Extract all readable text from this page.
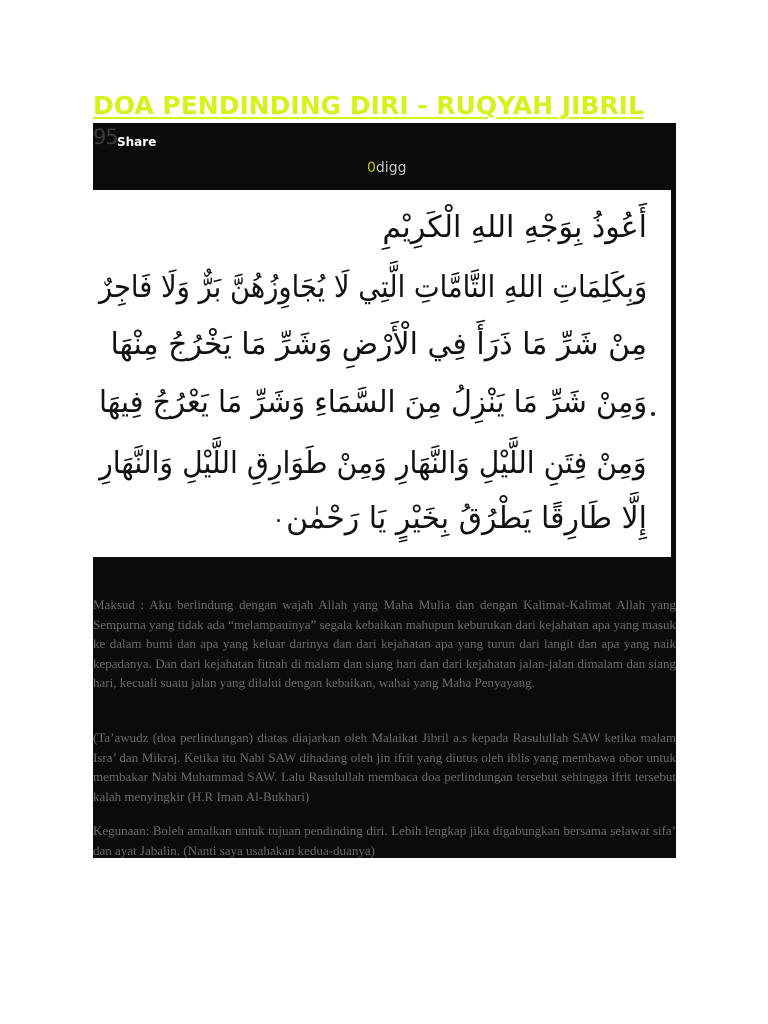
DOA PENDINDING DIRI - RUQYAH JIBRIL
95 Share
0digg
أَعُوذُ بِوَجْهِ اللهِ الْكَرِيْمِ
وَبِكَلِمَاتِ اللهِ التَّامَّاتِ الَّتِي لَا يُجَاوِزُهُنَّ بَرٌّ وَلَا فَاجِرٌ
مِنْ شَرِّ مَا ذَرَأَ فِي الْأَرْضِ وَشَرِّ مَا يَخْرُجُ مِنْهَا
وَمِنْ شَرِّ مَا يَنْزِلُ مِنَ السَّمَاءِ وَشَرِّ مَا يَعْرُجُ فِيهَا
وَمِنْ فِتَنِ اللَّيْلِ وَالنَّهَارِ وَمِنْ طَوَارِقِ اللَّيْلِ وَالنَّهَارِ
إِلَّا طَارِقًا يَطْرُقُ بِخَيْرٍ يَا رَحْمٰن

Maksud : Aku berlindung dengan wajah Allah yang Maha Mulia dan dengan Kalimat-Kalimat Allah yang Sempurna yang tidak ada “melampauinya” segala kebaikan mahupun keburukan dari kejahatan apa yang masuk ke dalam bumi dan apa yang keluar darinya dan dari kejahatan apa yang turun dari langit dan apa yang naik kepadanya. Dan dari kejahatan fitnah di malam dan siang hari dan dari kejahatan jalan-jalan dimalam dan siang hari, kecuali suatu jalan yang dilalui dengan kebaikan, wahai yang Maha Penyayang.

(Ta’awudz (doa perlindungan) diatas diajarkan oleh Malaikat Jibril a.s kepada Rasulullah SAW ketika malam Isra’ dan Mikraj. Ketika itu Nabi SAW dihadang oleh jin ifrit yang diutus oleh iblis yang membawa obor untuk membakar Nabi Muhammad SAW. Lalu Rasulullah membaca doa perlindungan tersebut sehingga ifrit tersebut kalah menyingkir (H.R Iman Al-Bukhari)

Kegunaan: Boleh amalkan untuk tujuan pendinding diri. Lebih lengkap jika digabungkan bersama selawat sifa’ dan ayat Jabalin. (Nanti saya usahakan kedua-duanya)
